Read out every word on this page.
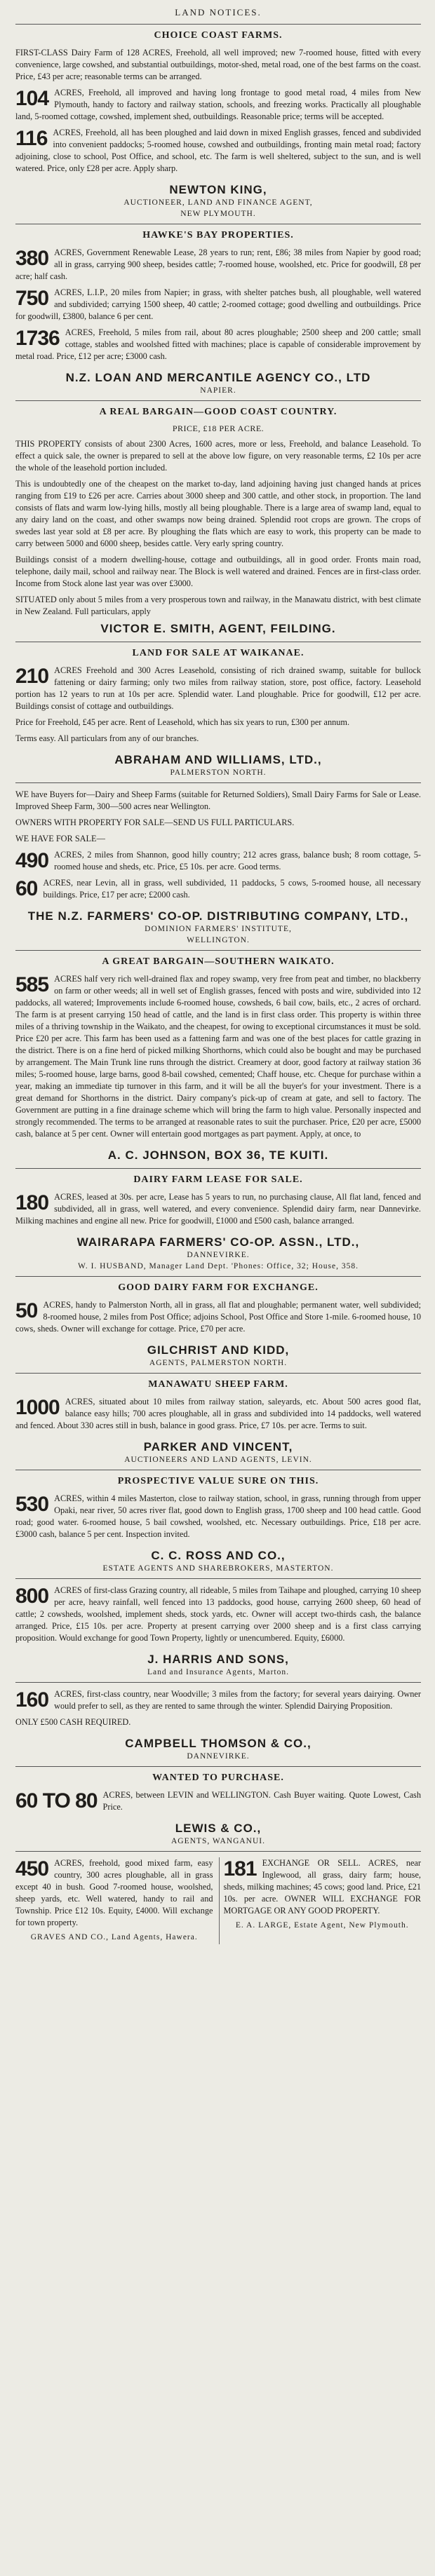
LAND NOTICES.
CHOICE COAST FARMS.

FIRST-CLASS Dairy Farm of 128 ACRES, Freehold, all well improved; new 7-roomed house, fitted with every convenience, large cowshed, and substantial outbuildings, motor-shed, metal road, one of the best farms on the coast. Price, £43 per acre; reasonable terms can be arranged.

104 ACRES, Freehold, all improved and having long frontage to good metal road, 4 miles from New Plymouth, handy to factory and railway station, schools, and freezing works. Practically all ploughable land, 5-roomed cottage, cowshed, implement shed, outbuildings. Reasonable price; terms will be accepted.

116 ACRES, Freehold, all has been ploughed and laid down in mixed English grasses, fenced and subdivided into convenient paddocks; 5-roomed house, cowshed and outbuildings, fronting main metal road; factory adjoining, close to school, Post Office, and school, etc. The farm is well sheltered, subject to the sun, and is well watered. Price, only £28 per acre. Apply sharp.

NEWTON KING,
AUCTIONEER, LAND AND FINANCE AGENT,
NEW PLYMOUTH.
HAWKE'S BAY PROPERTIES.

380 ACRES, Government Renewable Lease, 28 years to run; rent, £86; 38 miles from Napier by good road; all in grass, carrying 900 sheep, besides cattle; 7-roomed house, woolshed, etc. Price for goodwill, £8 per acre; half cash.

750 ACRES, L.I.P., 20 miles from Napier; in grass, with shelter patches bush, all ploughable, well watered and subdivided; carrying 1500 sheep, 40 cattle; 2-roomed cottage; good dwelling and outbuildings. Price for goodwill, £3800, balance 6 per cent.

1736 ACRES, Freehold, 5 miles from rail, about 80 acres ploughable; 2500 sheep and 200 cattle; small cottage, stables and woolshed fitted with machines; place is capable of considerable improvement by metal road. Price, £12 per acre; £3000 cash.

N.Z. LOAN AND MERCANTILE AGENCY CO., LTD
NAPIER.
A REAL BARGAIN—GOOD COAST COUNTRY.
PRICE, £18 PER ACRE.

THIS PROPERTY consists of about 2300 Acres, 1600 acres, more or less, Freehold, and balance Leasehold. To effect a quick sale, the owner is prepared to sell at the above low figure, on very reasonable terms, £2 10s per acre the whole of the leasehold portion included.

This is undoubtedly one of the cheapest on the market to-day, land adjoining having just changed hands at prices ranging from £19 to £26 per acre. Carries about 3000 sheep and 300 cattle, and other stock, in proportion. The land consists of flats and warm low-lying hills, mostly all being ploughable. There is a large area of swamp land, equal to any dairy land on the coast, and other swamps now being drained. Splendid root crops are grown. The crops of swedes last year sold at £8 per acre. By ploughing the flats which are easy to work, this property can be made to carry between 5000 and 6000 sheep, besides cattle. Very early spring country.

Buildings consist of a modern dwelling-house, cottage and outbuildings, all in good order. Fronts main road, telephone, daily mail, school and railway near. The Block is well watered and drained. Fences are in first-class order. Income from Stock alone last year was over £3000.

SITUATED only about 5 miles from a very prosperous town and railway, in the Manawatu district, with best climate in New Zealand. Full particulars, apply

VICTOR E. SMITH, AGENT, FEILDING.
LAND FOR SALE AT WAIKANAE.

210 ACRES Freehold and 300 Acres Leasehold, consisting of rich drained swamp, suitable for bullock fattening or dairy farming; only two miles from railway station, store, post office, factory. Leasehold portion has 12 years to run at 10s per acre. Splendid water. Land ploughable. Price for goodwill, £12 per acre. Buildings consist of cottage and outbuildings.

Price for Freehold, £45 per acre. Rent of Leasehold, which has six years to run, £300 per annum.

Terms easy. All particulars from any of our branches.

ABRAHAM AND WILLIAMS, LTD.,
PALMERSTON NORTH.

WE have Buyers for—Dairy and Sheep Farms (suitable for Returned Soldiers), Small Dairy Farms for Sale or Lease. Improved Sheep Farm, 300—500 acres near Wellington.

OWNERS WITH PROPERTY FOR SALE—SEND US FULL PARTICULARS.

WE HAVE FOR SALE—

490 ACRES, 2 miles from Shannon, good hilly country; 212 acres grass, balance bush; 8 room cottage, 5-roomed house and sheds, etc. Price, £5 10s. per acre. Good terms.

60 ACRES, near Levin, all in grass, well subdivided, 11 paddocks, 5 cows, 5-roomed house, all necessary buildings. Price, £17 per acre; £2000 cash.

THE N.Z. FARMERS' CO-OP. DISTRIBUTING COMPANY, LTD.,
DOMINION FARMERS' INSTITUTE,
WELLINGTON.
A GREAT BARGAIN—SOUTHERN WAIKATO.

585 ACRES half very rich well-drained flax and ropey swamp, very free from peat and timber, no blackberry on farm or other weeds; all in well set of English grasses, fenced with posts and wire, subdivided into 12 paddocks, all watered; Improvements include 6-roomed house, cowsheds, 6 bail cow, bails, etc., 2 acres of orchard. The farm is at present carrying 150 head of cattle, and the land is in first class order. This property is within three miles of a thriving township in the Waikato, and the cheapest, for owing to exceptional circumstances it must be sold. Price £20 per acre. This farm has been used as a fattening farm and was one of the best places for cattle grazing in the district. There is on a fine herd of picked milking Shorthorns, which could also be bought and may be purchased by arrangement. The Main Trunk line runs through the district. Creamery at door, good factory at railway station 36 miles; 5-roomed house, large barns, good 8-bail cowshed, cemented; Chaff house, etc. Cheque for purchase within a year, making an immediate tip turnover in this farm, and it will be all the buyer's for your investment. There is a great demand for Shorthorns in the district. Dairy company's pick-up of cream at gate, and sell to factory. The Government are putting in a fine drainage scheme which will bring the farm to high value. Personally inspected and strongly recommended. The terms to be arranged at reasonable rates to suit the purchaser. Price, £20 per acre, £5000 cash, balance at 5 per cent. Owner will entertain good mortgages as part payment. Apply, at once, to

A. C. JOHNSON, BOX 36, TE KUITI.
DAIRY FARM LEASE FOR SALE.

180 ACRES, leased at 30s. per acre, Lease has 5 years to run, no purchasing clause, All flat land, fenced and subdivided, all in grass, well watered, and every convenience. Splendid dairy farm, near Dannevirke. Milking machines and engine all new. Price for goodwill, £1000 and £500 cash, balance arranged.

WAIRARAPA FARMERS' CO-OP. ASSN., LTD.,
DANNEVIRKE.
W. I. HUSBAND, Manager Land Dept. 'Phones: Office, 32; House, 358.
GOOD DAIRY FARM FOR EXCHANGE.

50 ACRES, handy to Palmerston North, all in grass, all flat and ploughable; permanent water, well subdivided; 8-roomed house, 2 miles from Post Office; adjoins School, Post Office and Store 1-mile. 6-roomed house, 10 cows, sheds. Owner will exchange for cottage. Price, £70 per acre.

GILCHRIST AND KIDD,
AGENTS, PALMERSTON NORTH.
MANAWATU SHEEP FARM.

1000 ACRES, situated about 10 miles from railway station, saleyards, etc. About 500 acres good flat, balance easy hills; 700 acres ploughable, all in grass and subdivided into 14 paddocks, well watered and fenced. About 330 acres still in bush, balance in good grass. Price, £7 10s. per acre. Terms to suit.

PARKER AND VINCENT,
AUCTIONEERS AND LAND AGENTS, LEVIN.
PROSPECTIVE VALUE SURE ON THIS.

530 ACRES, within 4 miles Masterton, close to railway station, school, in grass, running through from upper Opaki, near river, 50 acres river flat, good down to English grass, 1700 sheep and 100 head cattle. Good road; good water. 6-roomed house, 5 bail cowshed, woolshed, etc. Necessary outbuildings. Price, £18 per acre. £3000 cash, balance 5 per cent. Inspection invited.

C. C. ROSS AND CO.,
ESTATE AGENTS AND SHAREBROKERS, MASTERTON.

800 ACRES of first-class Grazing country, all rideable, 5 miles from Taihape and ploughed, carrying 10 sheep per acre, heavy rainfall, well fenced into 13 paddocks, good house, carrying 2600 sheep, 60 head of cattle; 2 cowsheds, woolshed, implement sheds, stock yards, etc. Owner will accept two-thirds cash, the balance arranged. Price, £15 10s. per acre. Property at present carrying over 2000 sheep and is a first class carrying proposition. Would exchange for good Town Property, lightly or unencumbered. Equity, £6000.

J. HARRIS AND SONS,
Land and Insurance Agents, Marton.

160 ACRES, first-class country, near Woodville; 3 miles from the factory; for several years dairying. Owner would prefer to sell, as they are rented to same through the winter. Splendid Dairying Proposition.

ONLY £500 CASH REQUIRED.

CAMPBELL THOMSON & CO.,
DANNEVIRKE.
WANTED TO PURCHASE.

60 TO 80 ACRES, between LEVIN and WELLINGTON. Cash Buyer waiting. Quote Lowest, Cash Price.

LEWIS & CO.,
AGENTS, WANGANUI.

450 ACRES, freehold, good mixed farm, easy country, 300 acres ploughable, all in grass except 40 in bush. Good 7-roomed house, woolshed, sheep yards, etc. Well watered, handy to rail and Township. Price £12 10s. Equity, £4000. Will exchange for town property.

GRAVES AND CO., Land Agents, Hawera.

181 EXCHANGE OR SELL. ACRES, near Inglewood, all grass, dairy farm; house, sheds, milking machines; 45 cows; good land. Price, £21 10s. per acre. OWNER WILL EXCHANGE FOR MORTGAGE OR ANY GOOD PROPERTY.

E. A. LARGE, Estate Agent, New Plymouth.
